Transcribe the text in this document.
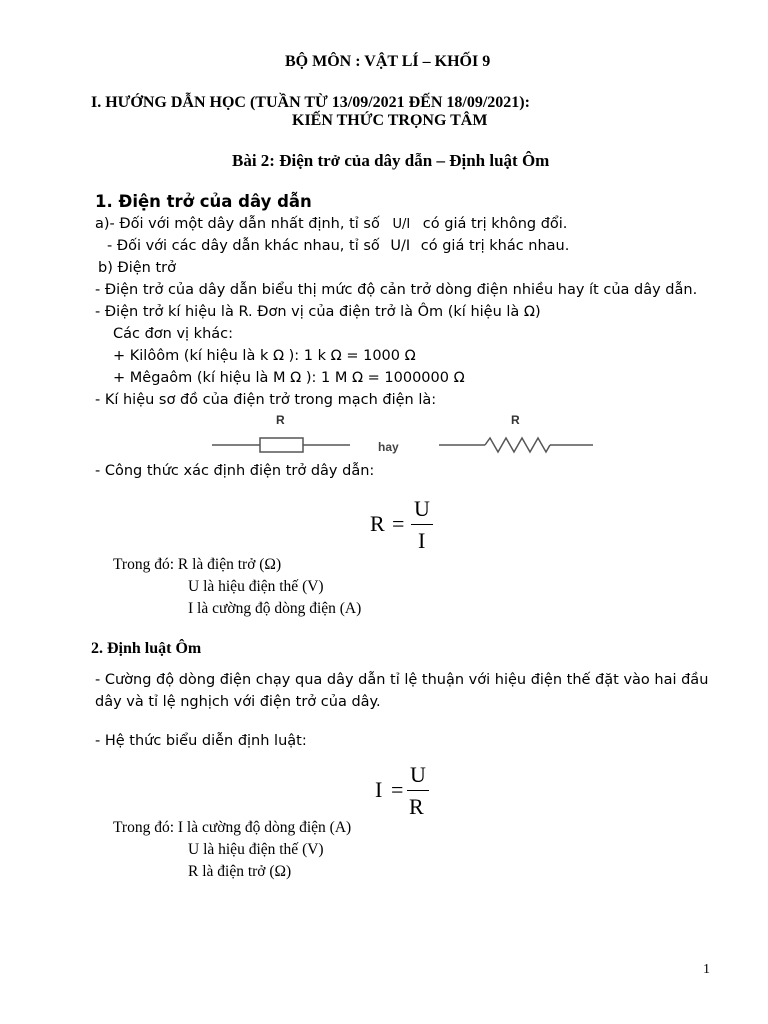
BỘ MÔN : VẬT LÍ – KHỐI 9
I. HƯỚNG DẪN HỌC (TUẦN TỪ 13/09/2021 ĐẾN 18/09/2021):
KIẾN THỨC TRỌNG TÂM
Bài 2: Điện trở của dây dẫn – Định luật Ôm
1. Điện trở của dây dẫn
a)- Đối với một dây dẫn nhất định, tỉ số U/I có giá trị không đổi.
- Đối với các dây dẫn khác nhau, tỉ số U/I có giá trị khác nhau.
b) Điện trở
- Điện trở của dây dẫn biểu thị mức độ cản trở dòng điện nhiều hay ít của dây dẫn.
- Điện trở kí hiệu là R. Đơn vị của điện trở là Ôm (kí hiệu là Ω)
Các đơn vị khác:
+ Kilôôm (kí hiệu là k Ω ): 1 k Ω = 1000 Ω
+ Mêgaôm (kí hiệu là M Ω ): 1 M Ω = 1000000 Ω
- Kí hiệu sơ đồ của điện trở trong mạch điện là:
R
hay
R
- Công thức xác định điện trở dây dẫn:
R =
U
I
Trong đó: R là điện trở (Ω)
U là hiệu điện thế (V)
I là cường độ dòng điện (A)
2. Định luật Ôm
- Cường độ dòng điện chạy qua dây dẫn tỉ lệ thuận với hiệu điện thế đặt vào hai đầu
dây và tỉ lệ nghịch với điện trở của dây.
- Hệ thức biểu diễn định luật:
I =
U
R
Trong đó: I là cường độ dòng điện (A)
U là hiệu điện thế (V)
R là điện trở (Ω)
1
